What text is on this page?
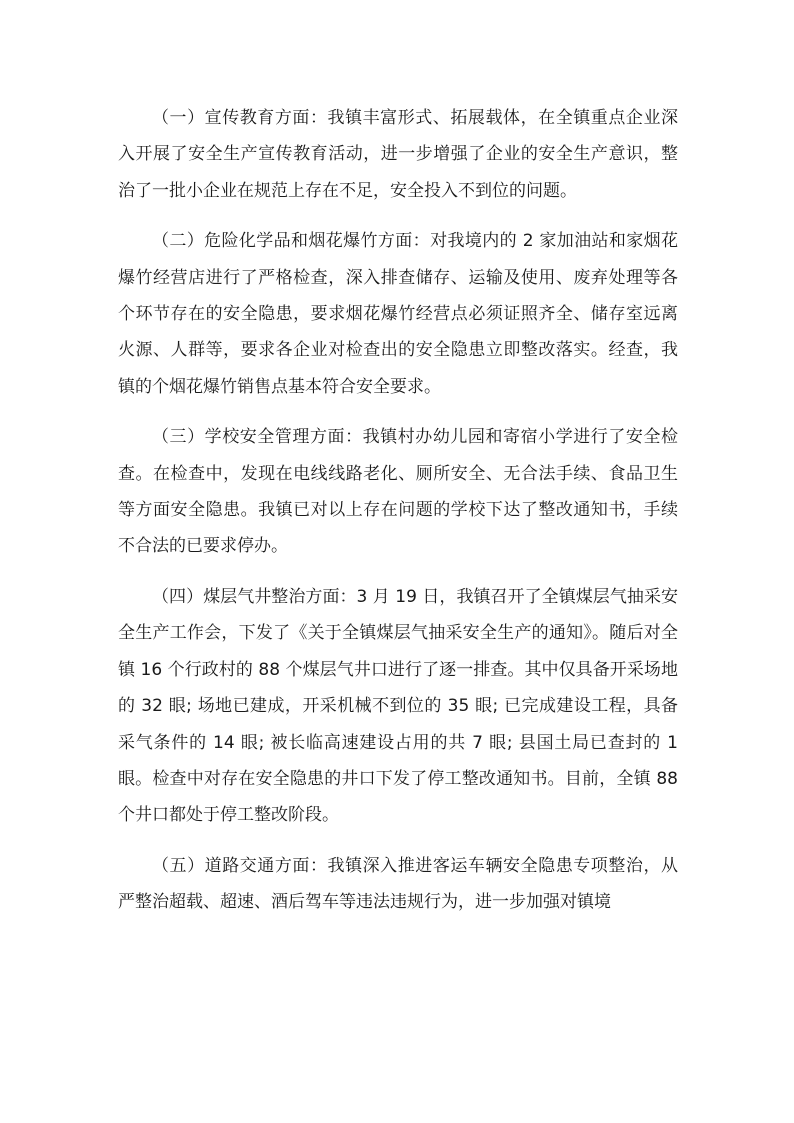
（一）宣传教育方面：我镇丰富形式、拓展载体，在全镇重点企业深入开展了安全生产宣传教育活动，进一步增强了企业的安全生产意识，整治了一批小企业在规范上存在不足，安全投入不到位的问题。

（二）危险化学品和烟花爆竹方面：对我境内的 2 家加油站和家烟花爆竹经营店进行了严格检查，深入排查储存、运输及使用、废弃处理等各个环节存在的安全隐患，要求烟花爆竹经营点必须证照齐全、储存室远离火源、人群等，要求各企业对检查出的安全隐患立即整改落实。经查，我镇的个烟花爆竹销售点基本符合安全要求。

（三）学校安全管理方面：我镇村办幼儿园和寄宿小学进行了安全检查。在检查中，发现在电线线路老化、厕所安全、无合法手续、食品卫生等方面安全隐患。我镇已对以上存在问题的学校下达了整改通知书，手续不合法的已要求停办。

（四）煤层气井整治方面：3 月 19 日，我镇召开了全镇煤层气抽采安全生产工作会，下发了《关于全镇煤层气抽采安全生产的通知》。随后对全镇 16 个行政村的 88 个煤层气井口进行了逐一排查。其中仅具备开采场地的 32 眼; 场地已建成，开采机械不到位的 35 眼; 已完成建设工程，具备采气条件的 14 眼; 被长临高速建设占用的共 7 眼; 县国土局已查封的 1 眼。检查中对存在安全隐患的井口下发了停工整改通知书。目前，全镇 88 个井口都处于停工整改阶段。

（五）道路交通方面：我镇深入推进客运车辆安全隐患专项整治，从严整治超载、超速、酒后驾车等违法违规行为，进一步加强对镇境
